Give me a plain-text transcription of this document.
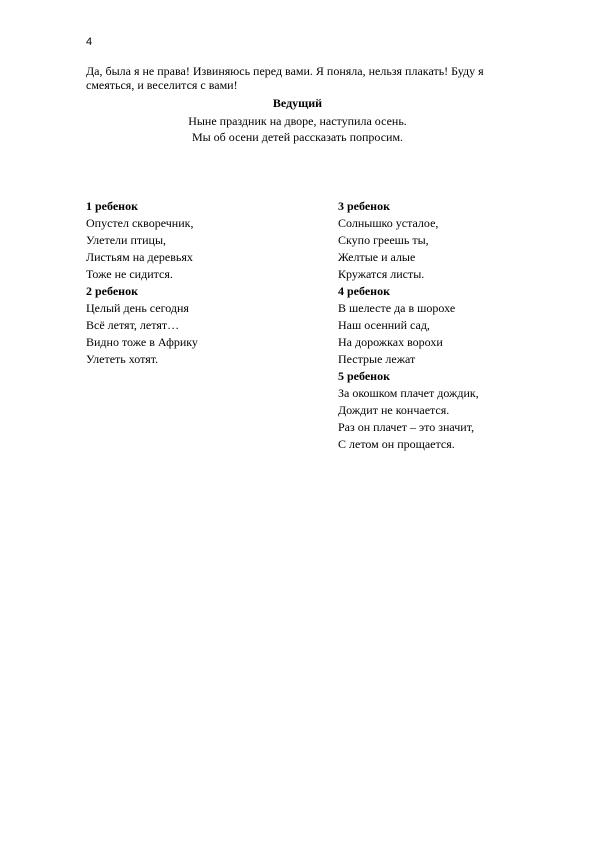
4
Да, была я не права! Извиняюсь перед вами. Я поняла, нельзя плакать! Буду я смеяться, и веселится с вами!
Ведущий
Ныне праздник на дворе, наступила осень.
Мы об осени детей рассказать попросим.
1 ребенок
Опустел скворечник,
Улетели птицы,
Листьям на деревьях
Тоже не сидится.
2 ребенок
Целый день сегодня
Всё летят, летят…
Видно тоже в Африку
Улететь хотят.
3 ребенок
Солнышко усталое,
Скупо греешь ты,
Желтые и алые
Кружатся листы.
4 ребенок
В шелесте да в шорохе
Наш осенний сад,
На дорожках ворохи
Пестрые лежат
5 ребенок
За окошком плачет дождик,
Дождит не кончается.
Раз он плачет – это значит,
С летом он прощается.
